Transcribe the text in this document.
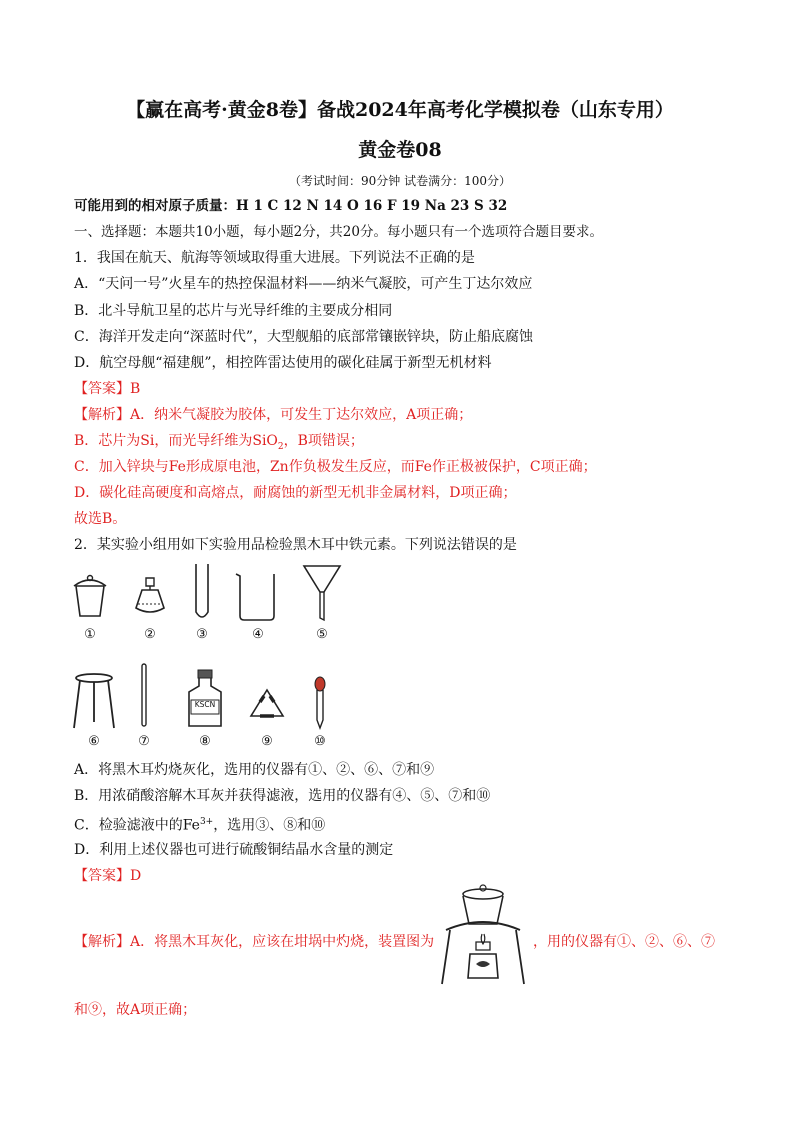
【赢在高考·黄金8卷】备战2024年高考化学模拟卷（山东专用）
黄金卷08
（考试时间：90分钟 试卷满分：100分）
可能用到的相对原子质量：H 1 C 12 N 14 O 16 F 19 Na 23 S 32
一、选择题：本题共10小题，每小题2分，共20分。每小题只有一个选项符合题目要求。
1．我国在航天、航海等领域取得重大进展。下列说法不正确的是
A．“天问一号”火星车的热控保温材料——纳米气凝胶，可产生丁达尔效应
B．北斗导航卫星的芯片与光导纤维的主要成分相同
C．海洋开发走向“深蓝时代”，大型舰船的底部常镶嵌锌块，防止船底腐蚀
D．航空母舰“福建舰”，相控阵雷达使用的碳化硅属于新型无机材料
【答案】B
【解析】A．纳米气凝胶为胶体，可发生丁达尔效应，A项正确；
B．芯片为Si，而光导纤维为SiO$_2$，B项错误；
C．加入锌块与Fe形成原电池，Zn作负极发生反应，而Fe作正极被保护，C项正确；
D．碳化硅高硬度和高熔点，耐腐蚀的新型无机非金属材料，D项正确；
故选B。
2．某实验小组用如下实验用品检验黑木耳中铁元素。下列说法错误的是
①	②	③	④	⑤
⑥	⑦
KSCN
⑧	⑨	⑩
A．将黑木耳灼烧灰化，选用的仪器有①、②、⑥、⑦和⑨
B．用浓硝酸溶解木耳灰并获得滤液，选用的仪器有④、⑤、⑦和⑩
C．检验滤液中的$Fe^{3+}$，选用③、⑧和⑩
D．利用上述仪器也可进行硫酸铜结晶水含量的测定
【答案】D
【解析】A．将黑木耳灰化，应该在坩埚中灼烧，装置图为	，用的仪器有①、②、⑥、⑦
和⑨，故A项正确；
